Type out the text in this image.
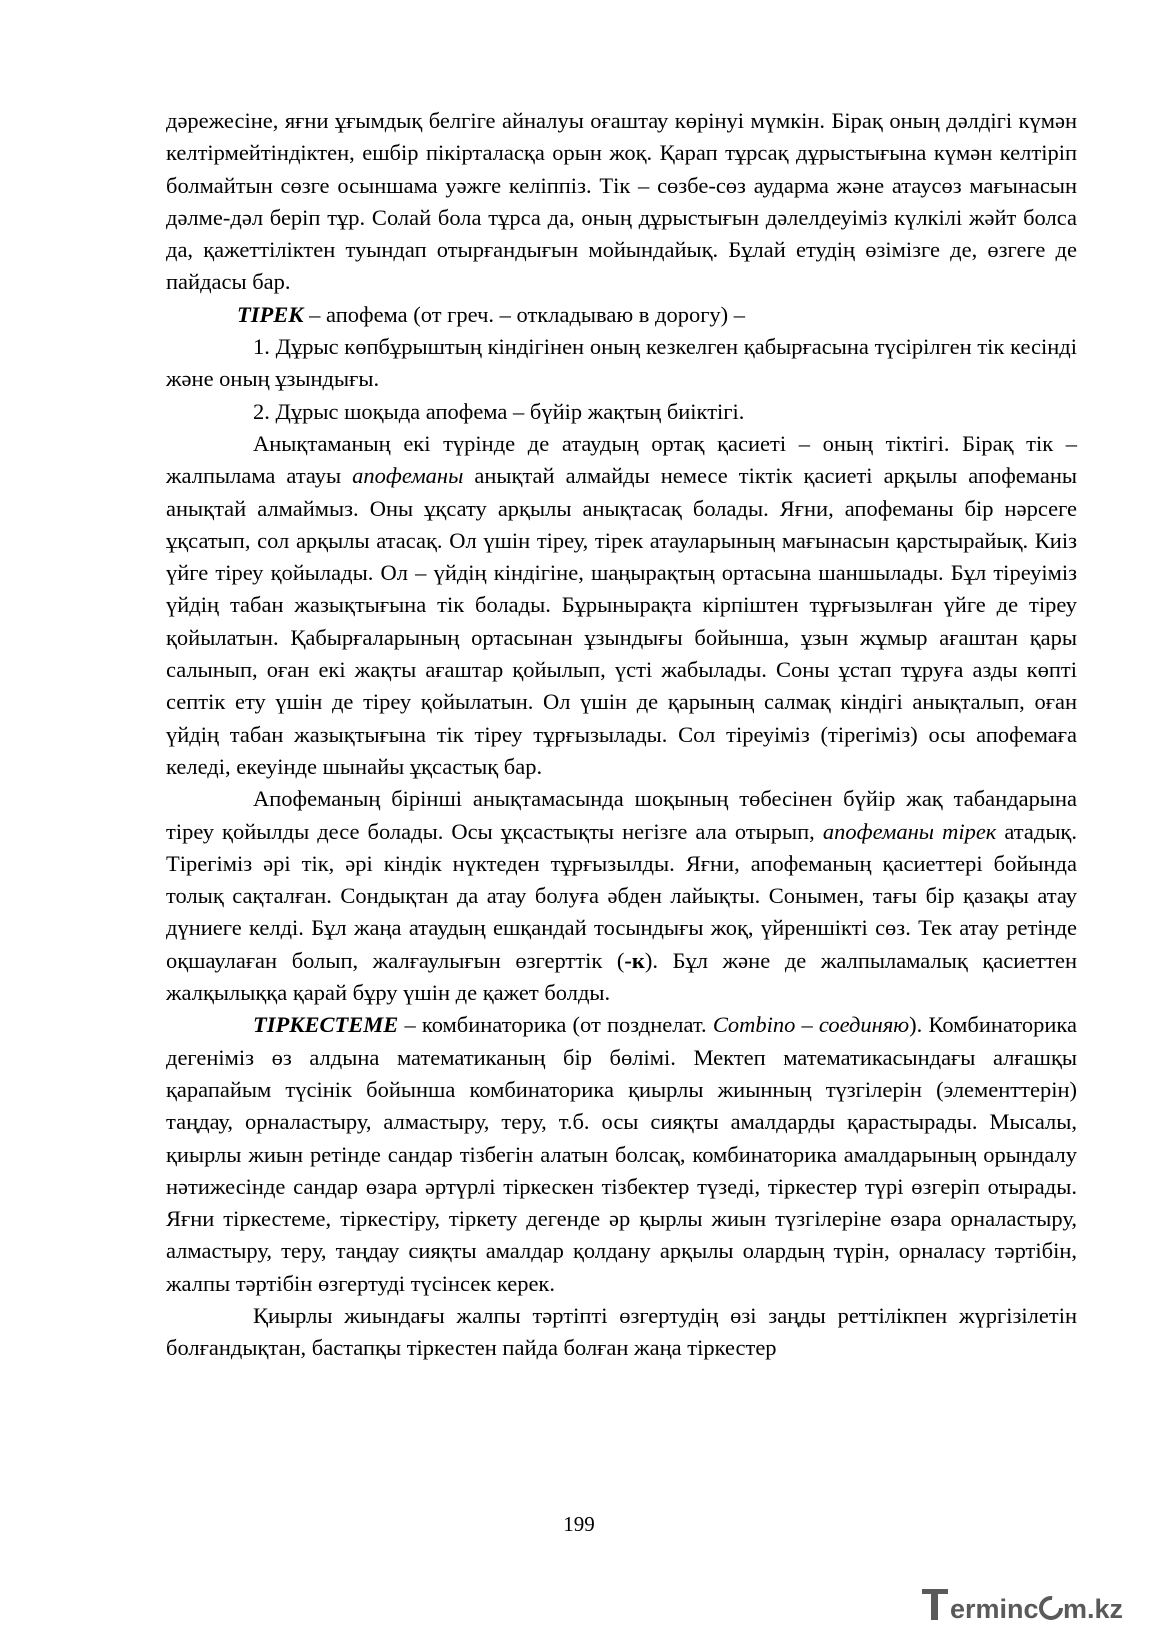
дәрежесіне, яғни ұғымдық белгіге айналуы оғаштау көрінуі мүмкін. Бірақ оның дәлдігі күмән келтірмейтіндіктен, ешбір пікірталасқа орын жоқ. Қарап тұрсақ дұрыстығына күмән келтіріп болмайтын сөзге осыншама уәжге келіппіз. Тік – сөзбе-сөз аударма және атаусөз мағынасын дәлме-дәл беріп тұр. Солай бола тұрса да, оның дұрыстығын дәлелдеуіміз күлкілі жәйт болса да, қажеттіліктен туындап отырғандығын мойындайық. Бұлай етудің өзімізге де, өзгеге де пайдасы бар.

ТІРЕК – апофема (от греч. – откладываю в дорогу) –

1. Дұрыс көпбұрыштың кіндігінен оның кезкелген қабырғасына түсірілген тік кесінді және оның ұзындығы.

2. Дұрыс шоқыда апофема – бүйір жақтың биіктігі.

Анықтаманың екі түрінде де атаудың ортақ қасиеті – оның тіктігі. Бірақ тік – жалпылама атауы апофеманы анықтай алмайды немесе тіктік қасиеті арқылы апофеманы анықтай алмаймыз. Оны ұқсату арқылы анықтасақ болады. Яғни, апофеманы бір нәрсеге ұқсатып, сол арқылы атасақ. Ол үшін тіреу, тірек атауларының мағынасын қарстырайық. Киіз үйге тіреу қойылады. Ол – үйдің кіндігіне, шаңырақтың ортасына шаншылады. Бұл тіреуіміз үйдің табан жазықтығына тік болады. Бұрынырақта кірпіштен тұрғызылған үйге де тіреу қойылатын. Қабырғаларының ортасынан ұзындығы бойынша, ұзын жұмыр ағаштан қары салынып, оған екі жақты ағаштар қойылып, үсті жабылады. Соны ұстап тұруға азды көпті септік ету үшін де тіреу қойылатын. Ол үшін де қарының салмақ кіндігі анықталып, оған үйдің табан жазықтығына тік тіреу тұрғызылады. Сол тіреуіміз (тірегіміз) осы апофемаға келеді, екеуінде шынайы ұқсастық бар.

Апофеманың бірінші анықтамасында шоқының төбесінен бүйір жақ табандарына тіреу қойылды десе болады. Осы ұқсастықты негізге ала отырып, апофеманы тірек атадық. Тірегіміз әрі тік, әрі кіндік нүктеден тұрғызылды. Яғни, апофеманың қасиеттері бойында толық сақталған. Сондықтан да атау болуға әбден лайықты. Сонымен, тағы бір қазақы атау дүниеге келді. Бұл жаңа атаудың ешқандай тосындығы жоқ, үйреншікті сөз. Тек атау ретінде оқшаулаған болып, жалғаулығын өзгерттік (-к). Бұл және де жалпыламалық қасиеттен жалқылыққа қарай бұру үшін де қажет болды.

ТІРКЕСТЕМЕ – комбинаторика (от позднелат. Combino – соединяю). Комбинаторика дегеніміз өз алдына математиканың бір бөлімі. Мектеп математикасындағы алғашқы қарапайым түсінік бойынша комбинаторика қиырлы жиынның түзгілерін (элементтерін) таңдау, орналастыру, алмастыру, теру, т.б. осы сияқты амалдарды қарастырады. Мысалы, қиырлы жиын ретінде сандар тізбегін алатын болсақ, комбинаторика амалдарының орындалу нәтижесінде сандар өзара әртүрлі тіркескен тізбектер түзеді, тіркестер түрі өзгеріп отырады. Яғни тіркестеме, тіркестіру, тіркету дегенде әр қырлы жиын түзгілеріне өзара орналастыру, алмастыру, теру, таңдау сияқты амалдар қолдану арқылы олардың түрін, орналасу тәртібін, жалпы тәртібін өзгертуді түсінсек керек.

Қиырлы жиындағы жалпы тәртіпті өзгертудің өзі заңды реттілікпен жүргізілетін болғандықтан, бастапқы тіркестен пайда болған жаңа тіркестер

199
erminc m.kz
